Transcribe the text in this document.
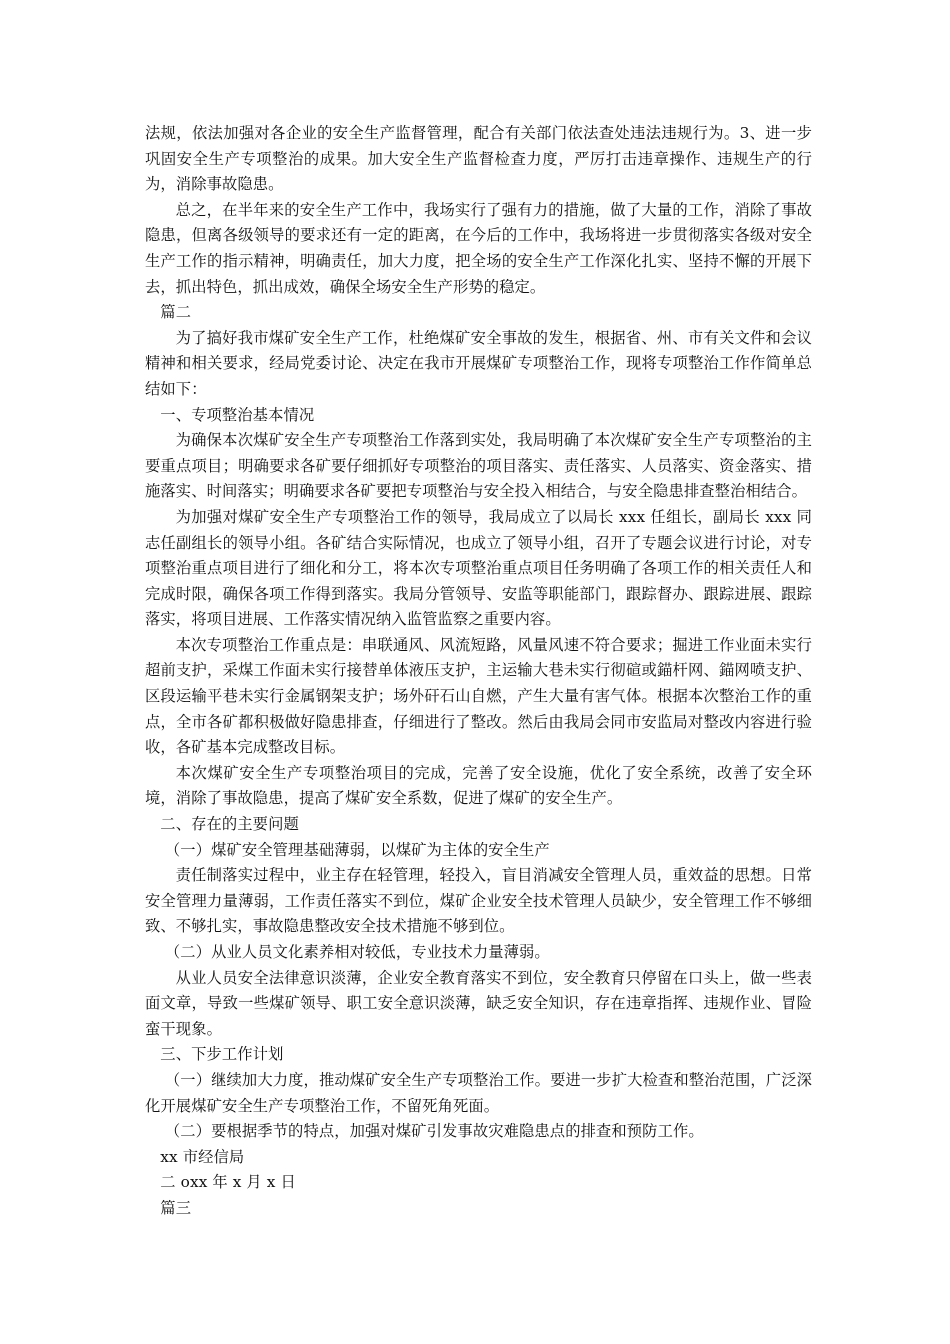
法规，依法加强对各企业的安全生产监督管理，配合有关部门依法查处违法违规行为。3、进一步巩固安全生产专项整治的成果。加大安全生产监督检查力度，严厉打击违章操作、违规生产的行为，消除事故隐患。

总之，在半年来的安全生产工作中，我场实行了强有力的措施，做了大量的工作，消除了事故隐患，但离各级领导的要求还有一定的距离，在今后的工作中，我场将进一步贯彻落实各级对安全生产工作的指示精神，明确责任，加大力度，把全场的安全生产工作深化扎实、坚持不懈的开展下去，抓出特色，抓出成效，确保全场安全生产形势的稳定。

篇二

为了搞好我市煤矿安全生产工作，杜绝煤矿安全事故的发生，根据省、州、市有关文件和会议精神和相关要求，经局党委讨论、决定在我市开展煤矿专项整治工作，现将专项整治工作作简单总结如下：

一、专项整治基本情况

为确保本次煤矿安全生产专项整治工作落到实处，我局明确了本次煤矿安全生产专项整治的主要重点项目；明确要求各矿要仔细抓好专项整治的项目落实、责任落实、人员落实、资金落实、措施落实、时间落实；明确要求各矿要把专项整治与安全投入相结合，与安全隐患排查整治相结合。

为加强对煤矿安全生产专项整治工作的领导，我局成立了以局长 xxx 任组长，副局长 xxx 同志任副组长的领导小组。各矿结合实际情况，也成立了领导小组，召开了专题会议进行讨论，对专项整治重点项目进行了细化和分工，将本次专项整治重点项目任务明确了各项工作的相关责任人和完成时限，确保各项工作得到落实。我局分管领导、安监等职能部门，跟踪督办、跟踪进展、跟踪落实，将项目进展、工作落实情况纳入监管监察之重要内容。

本次专项整治工作重点是：串联通风、风流短路，风量风速不符合要求；掘进工作业面未实行超前支护，采煤工作面未实行接替单体液压支护，主运输大巷未实行彻碹或錨杆网、錨网喷支护、区段运输平巷未实行金属钢架支护；场外矸石山自燃，产生大量有害气体。根据本次整治工作的重点，全市各矿都积极做好隐患排查，仔细进行了整改。然后由我局会同市安监局对整改内容进行验收，各矿基本完成整改目标。

本次煤矿安全生产专项整治项目的完成，完善了安全设施，优化了安全系统，改善了安全环境，消除了事故隐患，提高了煤矿安全系数，促进了煤矿的安全生产。

二、存在的主要问题

（一）煤矿安全管理基础薄弱，以煤矿为主体的安全生产

责任制落实过程中，业主存在轻管理，轻投入，盲目消减安全管理人员，重效益的思想。日常安全管理力量薄弱，工作责任落实不到位，煤矿企业安全技术管理人员缺少，安全管理工作不够细致、不够扎实，事故隐患整改安全技术措施不够到位。

（二）从业人员文化素养相对较低，专业技术力量薄弱。

从业人员安全法律意识淡薄，企业安全教育落实不到位，安全教育只停留在口头上，做一些表面文章，导致一些煤矿领导、职工安全意识淡薄，缺乏安全知识，存在违章指挥、违规作业、冒险蛮干现象。

三、下步工作计划

（一）继续加大力度，推动煤矿安全生产专项整治工作。要进一步扩大检查和整治范围，广泛深化开展煤矿安全生产专项整治工作，不留死角死面。

（二）要根据季节的特点，加强对煤矿引发事故灾难隐患点的排查和预防工作。

xx 市经信局

二 oxx 年 x 月 x 日

篇三
